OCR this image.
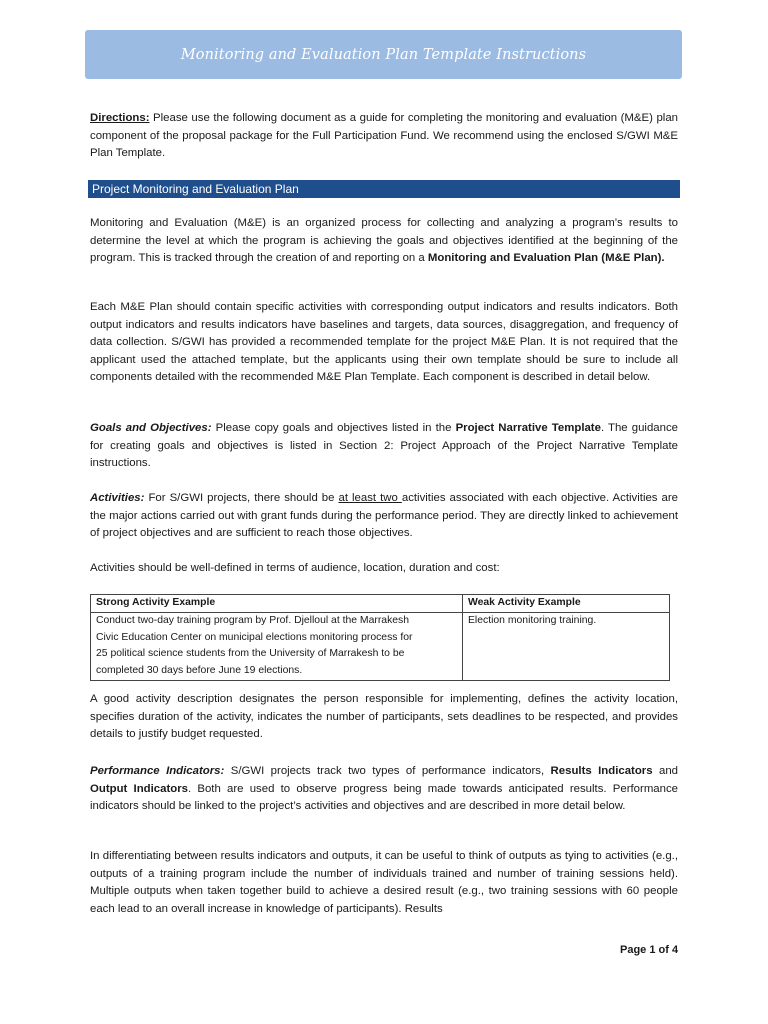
Monitoring and Evaluation Plan Template Instructions

Directions: Please use the following document as a guide for completing the monitoring and evaluation (M&E) plan component of the proposal package for the Full Participation Fund. We recommend using the enclosed S/GWI M&E Plan Template.

Project Monitoring and Evaluation Plan

Monitoring and Evaluation (M&E) is an organized process for collecting and analyzing a program’s results to determine the level at which the program is achieving the goals and objectives identified at the beginning of the program. This is tracked through the creation of and reporting on a Monitoring and Evaluation Plan (M&E Plan).

Each M&E Plan should contain specific activities with corresponding output indicators and results indicators. Both output indicators and results indicators have baselines and targets, data sources, disaggregation, and frequency of data collection. S/GWI has provided a recommended template for the project M&E Plan. It is not required that the applicant used the attached template, but the applicants using their own template should be sure to include all components detailed with the recommended M&E Plan Template. Each component is described in detail below.

Goals and Objectives: Please copy goals and objectives listed in the Project Narrative Template. The guidance for creating goals and objectives is listed in Section 2: Project Approach of the Project Narrative Template instructions.

Activities: For S/GWI projects, there should be at least two activities associated with each objective. Activities are the major actions carried out with grant funds during the performance period. They are directly linked to achievement of project objectives and are sufficient to reach those objectives.

Activities should be well-defined in terms of audience, location, duration and cost:

Strong Activity Example	Weak Activity Example

Conduct two-day training program by Prof. Djelloul at the Marrakesh
Civic Education Center on municipal elections monitoring process for
25 political science students from the University of Marrakesh to be
completed 30 days before June 19 elections.	Election monitoring training.

A good activity description designates the person responsible for implementing, defines the activity location, specifies duration of the activity, indicates the number of participants, sets deadlines to be respected, and provides details to justify budget requested.

Performance Indicators: S/GWI projects track two types of performance indicators, Results Indicators and Output Indicators. Both are used to observe progress being made towards anticipated results. Performance indicators should be linked to the project’s activities and objectives and are described in more detail below.

In differentiating between results indicators and outputs, it can be useful to think of outputs as tying to activities (e.g., outputs of a training program include the number of individuals trained and number of training sessions held). Multiple outputs when taken together build to achieve a desired result (e.g., two training sessions with 60 people each lead to an overall increase in knowledge of participants). Results

Page 1 of 4
